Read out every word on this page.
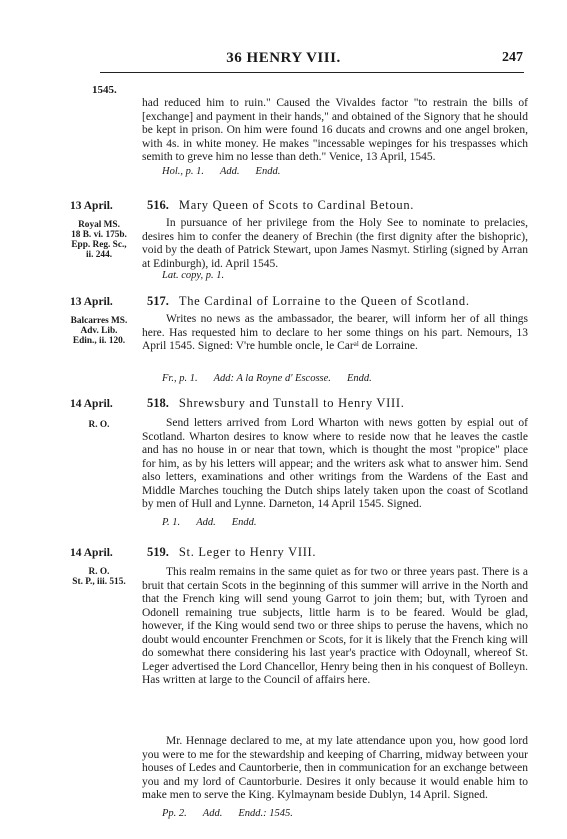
36 HENRY VIII.	247
1545.
had reduced him to ruin." Caused the Vivaldes factor "to restrain the bills of [exchange] and payment in their hands," and obtained of the Signory that he should be kept in prison. On him were found 16 ducats and crowns and one angel broken, with 4s. in white money. He makes "incessable wepinges for his trespasses which semith to greve him no lesse than deth." Venice, 13 April, 1545.
Hol., p. 1. Add. Endd.
13 April.
Royal MS.
18 B. vi. 175b.
Epp. Reg. Sc.,
ii. 244.
516. Mary Queen of Scots to Cardinal Betoun.
In pursuance of her privilege from the Holy See to nominate to prelacies, desires him to confer the deanery of Brechin (the first dignity after the bishopric), void by the death of Patrick Stewart, upon James Nasmyt. Stirling (signed by Arran at Edinburgh), id. April 1545.
Lat. copy, p. 1.
13 April.
Balcarres MS.
Adv. Lib.
Edin., ii. 120.
517. The Cardinal of Lorraine to the Queen of Scotland.
Writes no news as the ambassador, the bearer, will inform her of all things here. Has requested him to declare to her some things on his part. Nemours, 13 April 1545. Signed: V're humble oncle, le Carᵃˡ de Lorraine.
Fr., p. 1. Add: A la Royne d' Escosse. Endd.
14 April.
R. O.
518. Shrewsbury and Tunstall to Henry VIII.
Send letters arrived from Lord Wharton with news gotten by espial out of Scotland. Wharton desires to know where to reside now that he leaves the castle and has no house in or near that town, which is thought the most "propice" place for him, as by his letters will appear; and the writers ask what to answer him. Send also letters, examinations and other writings from the Wardens of the East and Middle Marches touching the Dutch ships lately taken upon the coast of Scotland by men of Hull and Lynne. Darneton, 14 April 1545. Signed.
P. 1. Add. Endd.
14 April.
R. O.
St. P., iii. 515.
519. St. Leger to Henry VIII.
This realm remains in the same quiet as for two or three years past. There is a bruit that certain Scots in the beginning of this summer will arrive in the North and that the French king will send young Garrot to join them; but, with Tyroen and Odonell remaining true subjects, little harm is to be feared. Would be glad, however, if the King would send two or three ships to peruse the havens, which no doubt would encounter Frenchmen or Scots, for it is likely that the French king will do somewhat there considering his last year's practice with Odoynall, whereof St. Leger advertised the Lord Chancellor, Henry being then in his conquest of Bolleyn. Has written at large to the Council of affairs here.
Mr. Hennage declared to me, at my late attendance upon you, how good lord you were to me for the stewardship and keeping of Charring, midway between your houses of Ledes and Cauntorberie, then in communication for an exchange between you and my lord of Cauntorburie. Desires it only because it would enable him to make men to serve the King. Kylmaynam beside Dublyn, 14 April. Signed.
Pp. 2. Add. Endd.: 1545.
